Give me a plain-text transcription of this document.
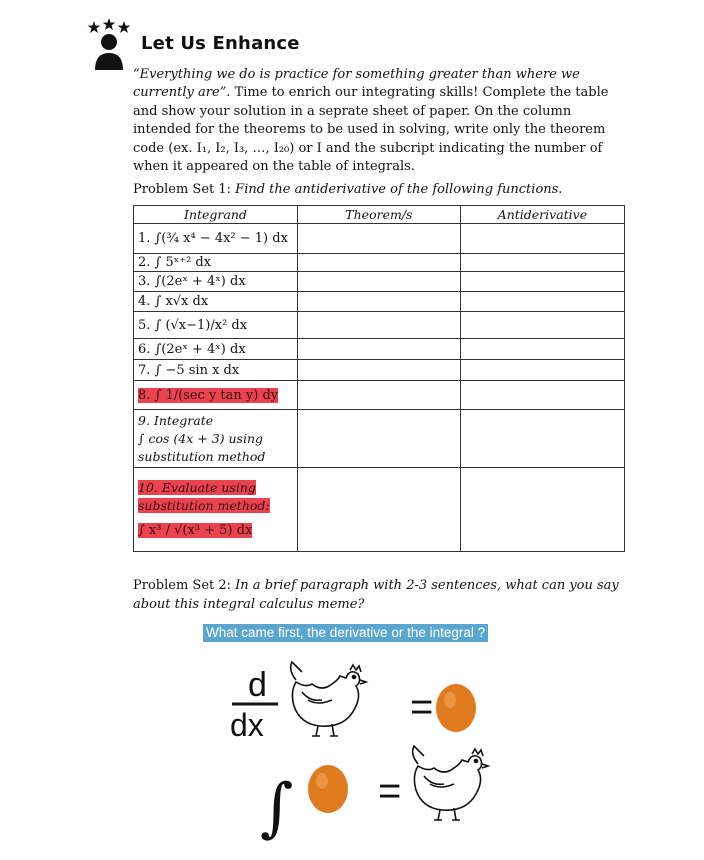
Let Us Enhance
“Everything we do is practice for something greater than where we currently are”. Time to enrich our integrating skills! Complete the table and show your solution in a seprate sheet of paper. On the column intended for the theorems to be used in solving, write only the theorem code (ex. I₁, I₂, I₃, …, I₂₀) or I and the subcript indicating the number of when it appeared on the table of integrals.
Problem Set 1: Find the antiderivative of the following functions.
Integrand	Theorem/s	Antiderivative
1. ∫(¾ x⁴ − 4x² − 1) dx		
2. ∫ 5ˣ⁺² dx		
3. ∫(2eˣ + 4ˣ) dx		
4. ∫ x√x dx		
5. ∫ (√x−1)/x² dx		
6. ∫(2eˣ + 4ˣ) dx		
7. ∫ −5 sin x dx		
8. ∫ 1/(sec y tan y) dy		

9. Integrate
∫ cos (4x + 3) using
substitution method		

10. Evaluate using
substitution method:
∫ x³ / √(x³ + 5) dx		

Problem Set 2: In a brief paragraph with 2-3 sentences, what can you say about this integral calculus meme?
What came first, the derivative or the integral ?
d
dx	=
∫ =
